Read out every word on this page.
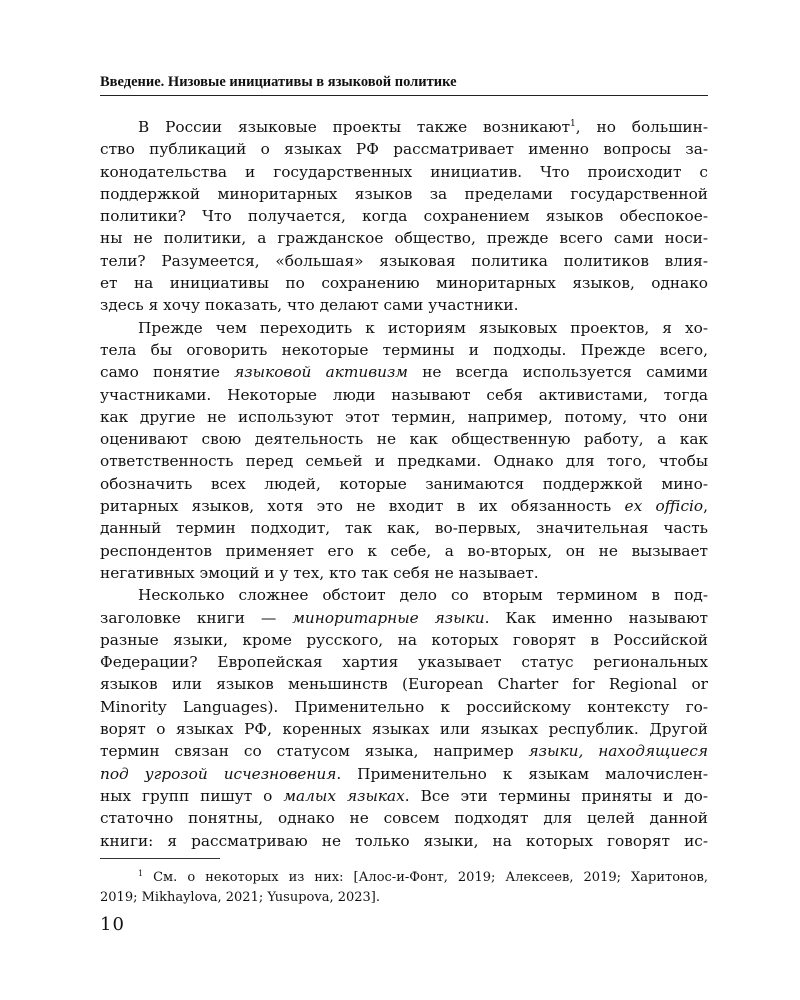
Введение. Низовые инициативы в языковой политике
В России языковые проекты также возникают$^1$, но большин-
ство публикаций о языках РФ рассматривает именно вопросы за-
конодательства и государственных инициатив. Что происходит с
поддержкой миноритарных языков за пределами государственной
политики? Что получается, когда сохранением языков обеспокое-
ны не политики, а гражданское общество, прежде всего сами носи-
тели? Разумеется, «большая» языковая политика политиков влия-
ет на инициативы по сохранению миноритарных языков, однако
здесь я хочу показать, что делают сами участники.
Прежде чем переходить к историям языковых проектов, я хо-
тела бы оговорить некоторые термины и подходы. Прежде всего,
само понятие языковой активизм не всегда используется самими
участниками. Некоторые люди называют себя активистами, тогда
как другие не используют этот термин, например, потому, что они
оценивают свою деятельность не как общественную работу, а как
ответственность перед семьей и предками. Однако для того, чтобы
обозначить всех людей, которые занимаются поддержкой мино-
ритарных языков, хотя это не входит в их обязанность ex officio,
данный термин подходит, так как, во-первых, значительная часть
респондентов применяет его к себе, а во-вторых, он не вызывает
негативных эмоций и у тех, кто так себя не называет.
Несколько сложнее обстоит дело со вторым термином в под-
заголовке книги — миноритарные языки. Как именно называют
разные языки, кроме русского, на которых говорят в Российской
Федерации? Европейская хартия указывает статус региональных
языков или языков меньшинств (European Charter for Regional or
Minority Languages). Применительно к российскому контексту го-
ворят о языках РФ, коренных языках или языках республик. Другой
термин связан со статусом языка, например языки, находящиеся
под угрозой исчезновения. Применительно к языкам малочислен-
ных групп пишут о малых языках. Все эти термины приняты и до-
статочно понятны, однако не совсем подходят для целей данной
книги: я рассматриваю не только языки, на которых говорят ис-
$^1$ См. о некоторых из них: [Алос-и-Фонт, 2019; Алексеев, 2019; Харитонов,
2019; Mikhaylova, 2021; Yusupova, 2023].
10
